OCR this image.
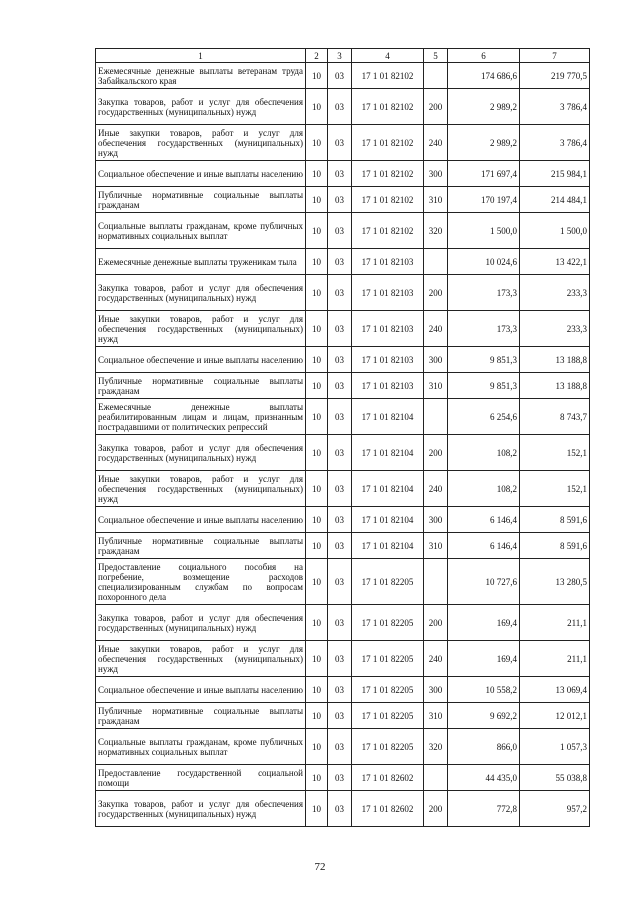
1	2	3	4	5	6	7
Ежемесячные денежные выплаты ветеранам труда Забайкальского края	10	03	17 1 01 82102		174 686,6	219 770,5
Закупка товаров, работ и услуг для обеспечения государственных (муниципальных) нужд	10	03	17 1 01 82102	200	2 989,2	3 786,4
Иные закупки товаров, работ и услуг для обеспечения государственных (муниципальных) нужд	10	03	17 1 01 82102	240	2 989,2	3 786,4
Социальное обеспечение и иные выплаты населению	10	03	17 1 01 82102	300	171 697,4	215 984,1
Публичные нормативные социальные выплаты гражданам	10	03	17 1 01 82102	310	170 197,4	214 484,1
Социальные выплаты гражданам, кроме публичных нормативных социальных выплат	10	03	17 1 01 82102	320	1 500,0	1 500,0
Ежемесячные денежные выплаты труженикам тыла	10	03	17 1 01 82103		10 024,6	13 422,1
Закупка товаров, работ и услуг для обеспечения государственных (муниципальных) нужд	10	03	17 1 01 82103	200	173,3	233,3
Иные закупки товаров, работ и услуг для обеспечения государственных (муниципальных) нужд	10	03	17 1 01 82103	240	173,3	233,3
Социальное обеспечение и иные выплаты населению	10	03	17 1 01 82103	300	9 851,3	13 188,8
Публичные нормативные социальные выплаты гражданам	10	03	17 1 01 82103	310	9 851,3	13 188,8
Ежемесячные денежные выплаты реабилитированным лицам и лицам, признанным пострадавшими от политических репрессий	10	03	17 1 01 82104		6 254,6	8 743,7
Закупка товаров, работ и услуг для обеспечения государственных (муниципальных) нужд	10	03	17 1 01 82104	200	108,2	152,1
Иные закупки товаров, работ и услуг для обеспечения государственных (муниципальных) нужд	10	03	17 1 01 82104	240	108,2	152,1
Социальное обеспечение и иные выплаты населению	10	03	17 1 01 82104	300	6 146,4	8 591,6
Публичные нормативные социальные выплаты гражданам	10	03	17 1 01 82104	310	6 146,4	8 591,6
Предоставление социального пособия на погребение, возмещение расходов специализированным службам по вопросам похоронного дела	10	03	17 1 01 82205		10 727,6	13 280,5
Закупка товаров, работ и услуг для обеспечения государственных (муниципальных) нужд	10	03	17 1 01 82205	200	169,4	211,1
Иные закупки товаров, работ и услуг для обеспечения государственных (муниципальных) нужд	10	03	17 1 01 82205	240	169,4	211,1
Социальное обеспечение и иные выплаты населению	10	03	17 1 01 82205	300	10 558,2	13 069,4
Публичные нормативные социальные выплаты гражданам	10	03	17 1 01 82205	310	9 692,2	12 012,1
Социальные выплаты гражданам, кроме публичных нормативных социальных выплат	10	03	17 1 01 82205	320	866,0	1 057,3
Предоставление государственной социальной помощи	10	03	17 1 01 82602		44 435,0	55 038,8
Закупка товаров, работ и услуг для обеспечения государственных (муниципальных) нужд	10	03	17 1 01 82602	200	772,8	957,2
72
